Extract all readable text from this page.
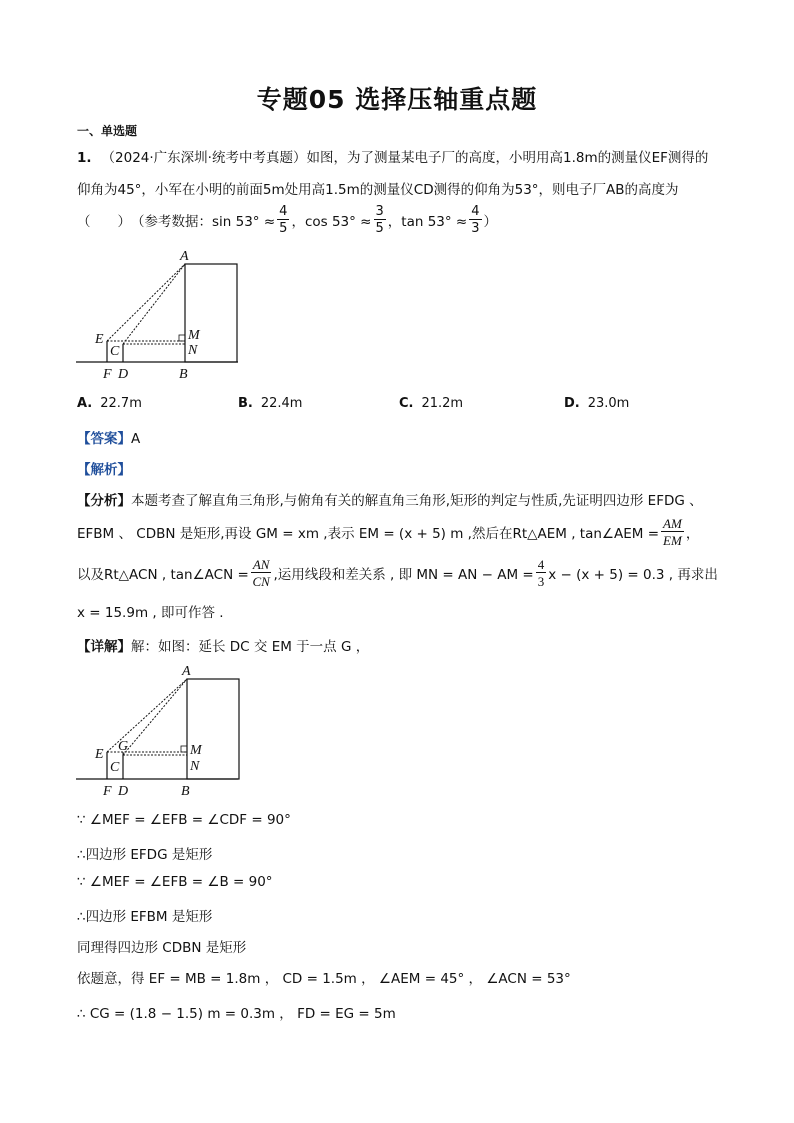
专题05 选择压轴重点题
一、单选题
1. （2024·广东深圳·统考中考真题）如图，为了测量某电子厂的高度，小明用高1.8m的测量仪EF测得的
仰角为45°，小军在小明的前面5m处用高1.5m的测量仪CD测得的仰角为53°，则电子厂AB的高度为
（　　） （参考数据：$\sin 53^\circ \approx \frac{4}{5}$ ，$\cos 53^\circ \approx \frac{3}{5}$ ，$\tan 53^\circ \approx \frac{4}{3}$ ）
A
E
C
M
N
F D	B
A. 22.7m	B. 22.4m	C. 21.2m	D. 23.0m
【答案】A
【解析】
【分析】本题考查了解直角三角形,与俯角有关的解直角三角形,矩形的判定与性质,先证明四边形 EFDG 、
EFBM 、 CDBN 是矩形,再设 GM = xm ,表示 EM = (x + 5) m ,然后在Rt△AEM , tan∠AEM = $\frac{AM}{EM}$ ，
以及Rt△ACN , tan∠ACN = $\frac{AN}{CN}$ ,运用线段和差关系 , 即 MN = AN − AM = $\frac{4}{3}$ x − (x + 5) = 0.3 , 再求出
x = 15.9m , 即可作答 .
【详解】解：如图：延长 DC 交 EM 于一点 G ，
A
E
G
C
M
N
F D	B
∵ ∠MEF = ∠EFB = ∠CDF = 90°
∴四边形 EFDG 是矩形
∵ ∠MEF = ∠EFB = ∠B = 90°
∴四边形 EFBM 是矩形
同理得四边形 CDBN 是矩形
依题意，得 EF = MB = 1.8m ， CD = 1.5m ， ∠AEM = 45° ， ∠ACN = 53°
∴ CG = (1.8 − 1.5) m = 0.3m ， FD = EG = 5m
